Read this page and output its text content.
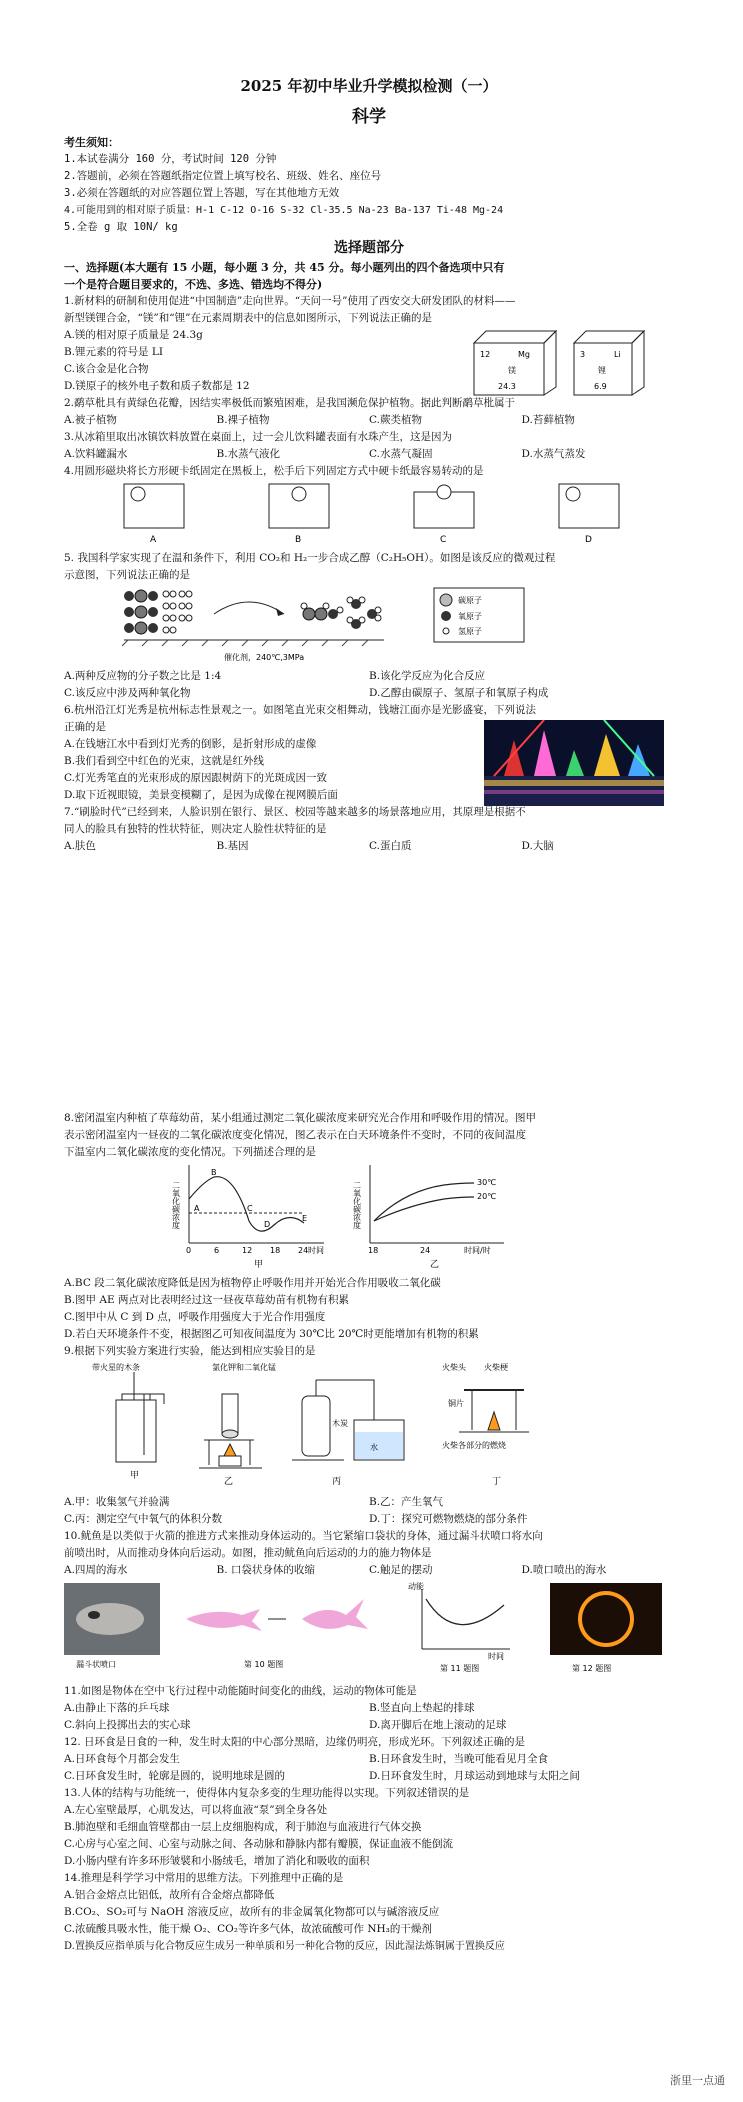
2025 年初中毕业升学模拟检测（一）
科学
考生须知：
1.本试卷满分 160 分，考试时间 120 分钟
2.答题前，必须在答题纸指定位置上填写校名、班级、姓名、座位号
3.必须在答题纸的对应答题位置上答题，写在其他地方无效
4.可能用到的相对原子质量：H-1 C-12 O-16 S-32 Cl-35.5 Na-23 Ba-137 Ti-48 Mg-24
5.全卷 g 取 10N/ kg
选择题部分
一、选择题(本大题有 15 小题，每小题 3 分，共 45 分。每小题列出的四个备选项中只有
一个是符合题目要求的，不选、多选、错选均不得分)
1.新材料的研制和使用促进“中国制造”走向世界。“天问一号”使用了西安交大研发团队的材料——
新型镁锂合金，“镁”和“锂”在元素周期表中的信息如图所示，下列说法正确的是
A.镁的相对原子质量是 24.3g
B.锂元素的符号是 LI
C.该合金是化合物
D.镁原子的核外电子数和质子数都是 12
12	Mg
镁
24.3
3	Li
锂
6.9
2.鹬草枇具有黄绿色花瓣，因结实率极低而繁殖困难，是我国濒危保护植物。据此判断鹬草枇属于
A.被子植物	B.裸子植物	C.蕨类植物	D.苔藓植物
3.从冰箱里取出冰镇饮料放置在桌面上，过一会儿饮料罐表面有水珠产生，这是因为
A.饮料罐漏水	B.水蒸气液化	C.水蒸气凝固	D.水蒸气蒸发
4.用圆形磁块将长方形硬卡纸固定在黑板上，松手后下列固定方式中硬卡纸最容易转动的是
A	B	C	D
5. 我国科学家实现了在温和条件下，利用 CO₂和 H₂一步合成乙醇（C₂H₅OH）。如图是该反应的微观过程
示意图，下列说法正确的是
催化剂，240℃,3MPa
碳原子
氧原子
氢原子
A.两种反应物的分子数之比是 1:4	B.该化学反应为化合反应
C.该反应中涉及两种氧化物	D.乙醇由碳原子、氢原子和氧原子构成
6.杭州沿江灯光秀是杭州标志性景观之一。如图笔直光束交相舞动，钱塘江面亦是光影盛宴，下列说法
正确的是
A.在钱塘江水中看到灯光秀的倒影，是折射形成的虚像
B.我们看到空中红色的光束，这就是红外线
C.灯光秀笔直的光束形成的原因跟树荫下的光斑成因一致
D.取下近视眼镜，美景变模糊了，是因为成像在视网膜后面
7.“刷脸时代”已经到来，人脸识别在银行、景区、校园等越来越多的场景落地应用，其原理是根据不
同人的脸具有独特的性状特征，则决定人脸性状特征的是
A.肤色	B.基因	C.蛋白质	D.大脑
8.密闭温室内种植了草莓幼苗，某小组通过测定二氧化碳浓度来研究光合作用和呼吸作用的情况。图甲
表示密闭温室内一昼夜的二氧化碳浓度变化情况，图乙表示在白天环境条件不变时，不同的夜间温度
下温室内二氧化碳浓度的变化情况。下列描述合理的是
二氧化碳浓度 A
B
C
D
E
0	6	12 18 24 时间
甲
二氧化碳浓度	30℃
20℃
18	24	时间/时
乙
A.BC 段二氧化碳浓度降低是因为植物停止呼吸作用并开始光合作用吸收二氧化碳
B.图甲 AE 两点对比表明经过这一昼夜草莓幼苗有机物有积累
C.图甲中从 C 到 D 点，呼吸作用强度大于光合作用强度
D.若白天环境条件不变，根据图乙可知夜间温度为 30℃比 20℃时更能增加有机物的积累
9.根据下列实验方案进行实验，能达到相应实验目的是
带火星的木条
甲
氯化钾和二氧化锰
乙
木炭
水
丙
火柴头 火柴梗
铜片
火柴各部分的燃烧
丁
A.甲：收集氢气并验满	B.乙：产生氧气
C.丙：测定空气中氧气的体积分数	D.丁：探究可燃物燃烧的部分条件
10.鱿鱼是以类似于火箭的推进方式来推动身体运动的。当它紧缩口袋状的身体，通过漏斗状喷口将水向
前喷出时，从而推动身体向后运动。如图，推动鱿鱼向后运动的力的施力物体是
A.四周的海水	B. 口袋状身体的收缩	C.触足的摆动	D.喷口喷出的海水
漏斗状喷口	第 10 题图
动能
时间
第 11 题图	第 12 题图
11.如图是物体在空中飞行过程中动能随时间变化的曲线，运动的物体可能是
A.由静止下落的乒乓球	B.竖直向上垫起的排球
C.斜向上投掷出去的实心球	D.离开脚后在地上滚动的足球
12. 日环食是日食的一种，发生时太阳的中心部分黑暗，边缘仍明亮，形成光环。下列叙述正确的是
A.日环食每个月都会发生	B.日环食发生时，当晚可能看见月全食
C.日环食发生时，轮廓是圆的，说明地球是圆的	D.日环食发生时，月球运动到地球与太阳之间
13.人体的结构与功能统一，使得体内复杂多变的生理功能得以实现。下列叙述错误的是
A.左心室壁最厚，心肌发达，可以将血液“泵”到全身各处
B.肺泡壁和毛细血管壁都由一层上皮细胞构成，利于肺泡与血液进行气体交换
C.心房与心室之间、心室与动脉之间、各动脉和静脉内都有瓣膜，保证血液不能倒流
D.小肠内壁有许多环形皱襞和小肠绒毛，增加了消化和吸收的面积
14.推理是科学学习中常用的思维方法。下列推理中正确的是
A.铝合金熔点比铝低，故所有合金熔点都降低
B.CO₂、SO₂可与 NaOH 溶液反应，故所有的非金属氧化物都可以与碱溶液反应
C.浓硫酸具吸水性，能干燥 O₂、CO₂等许多气体，故浓硫酸可作 NH₃的干燥剂
D.置换反应指单质与化合物反应生成另一种单质和另一种化合物的反应，因此湿法炼铜属于置换反应
浙里一点通
